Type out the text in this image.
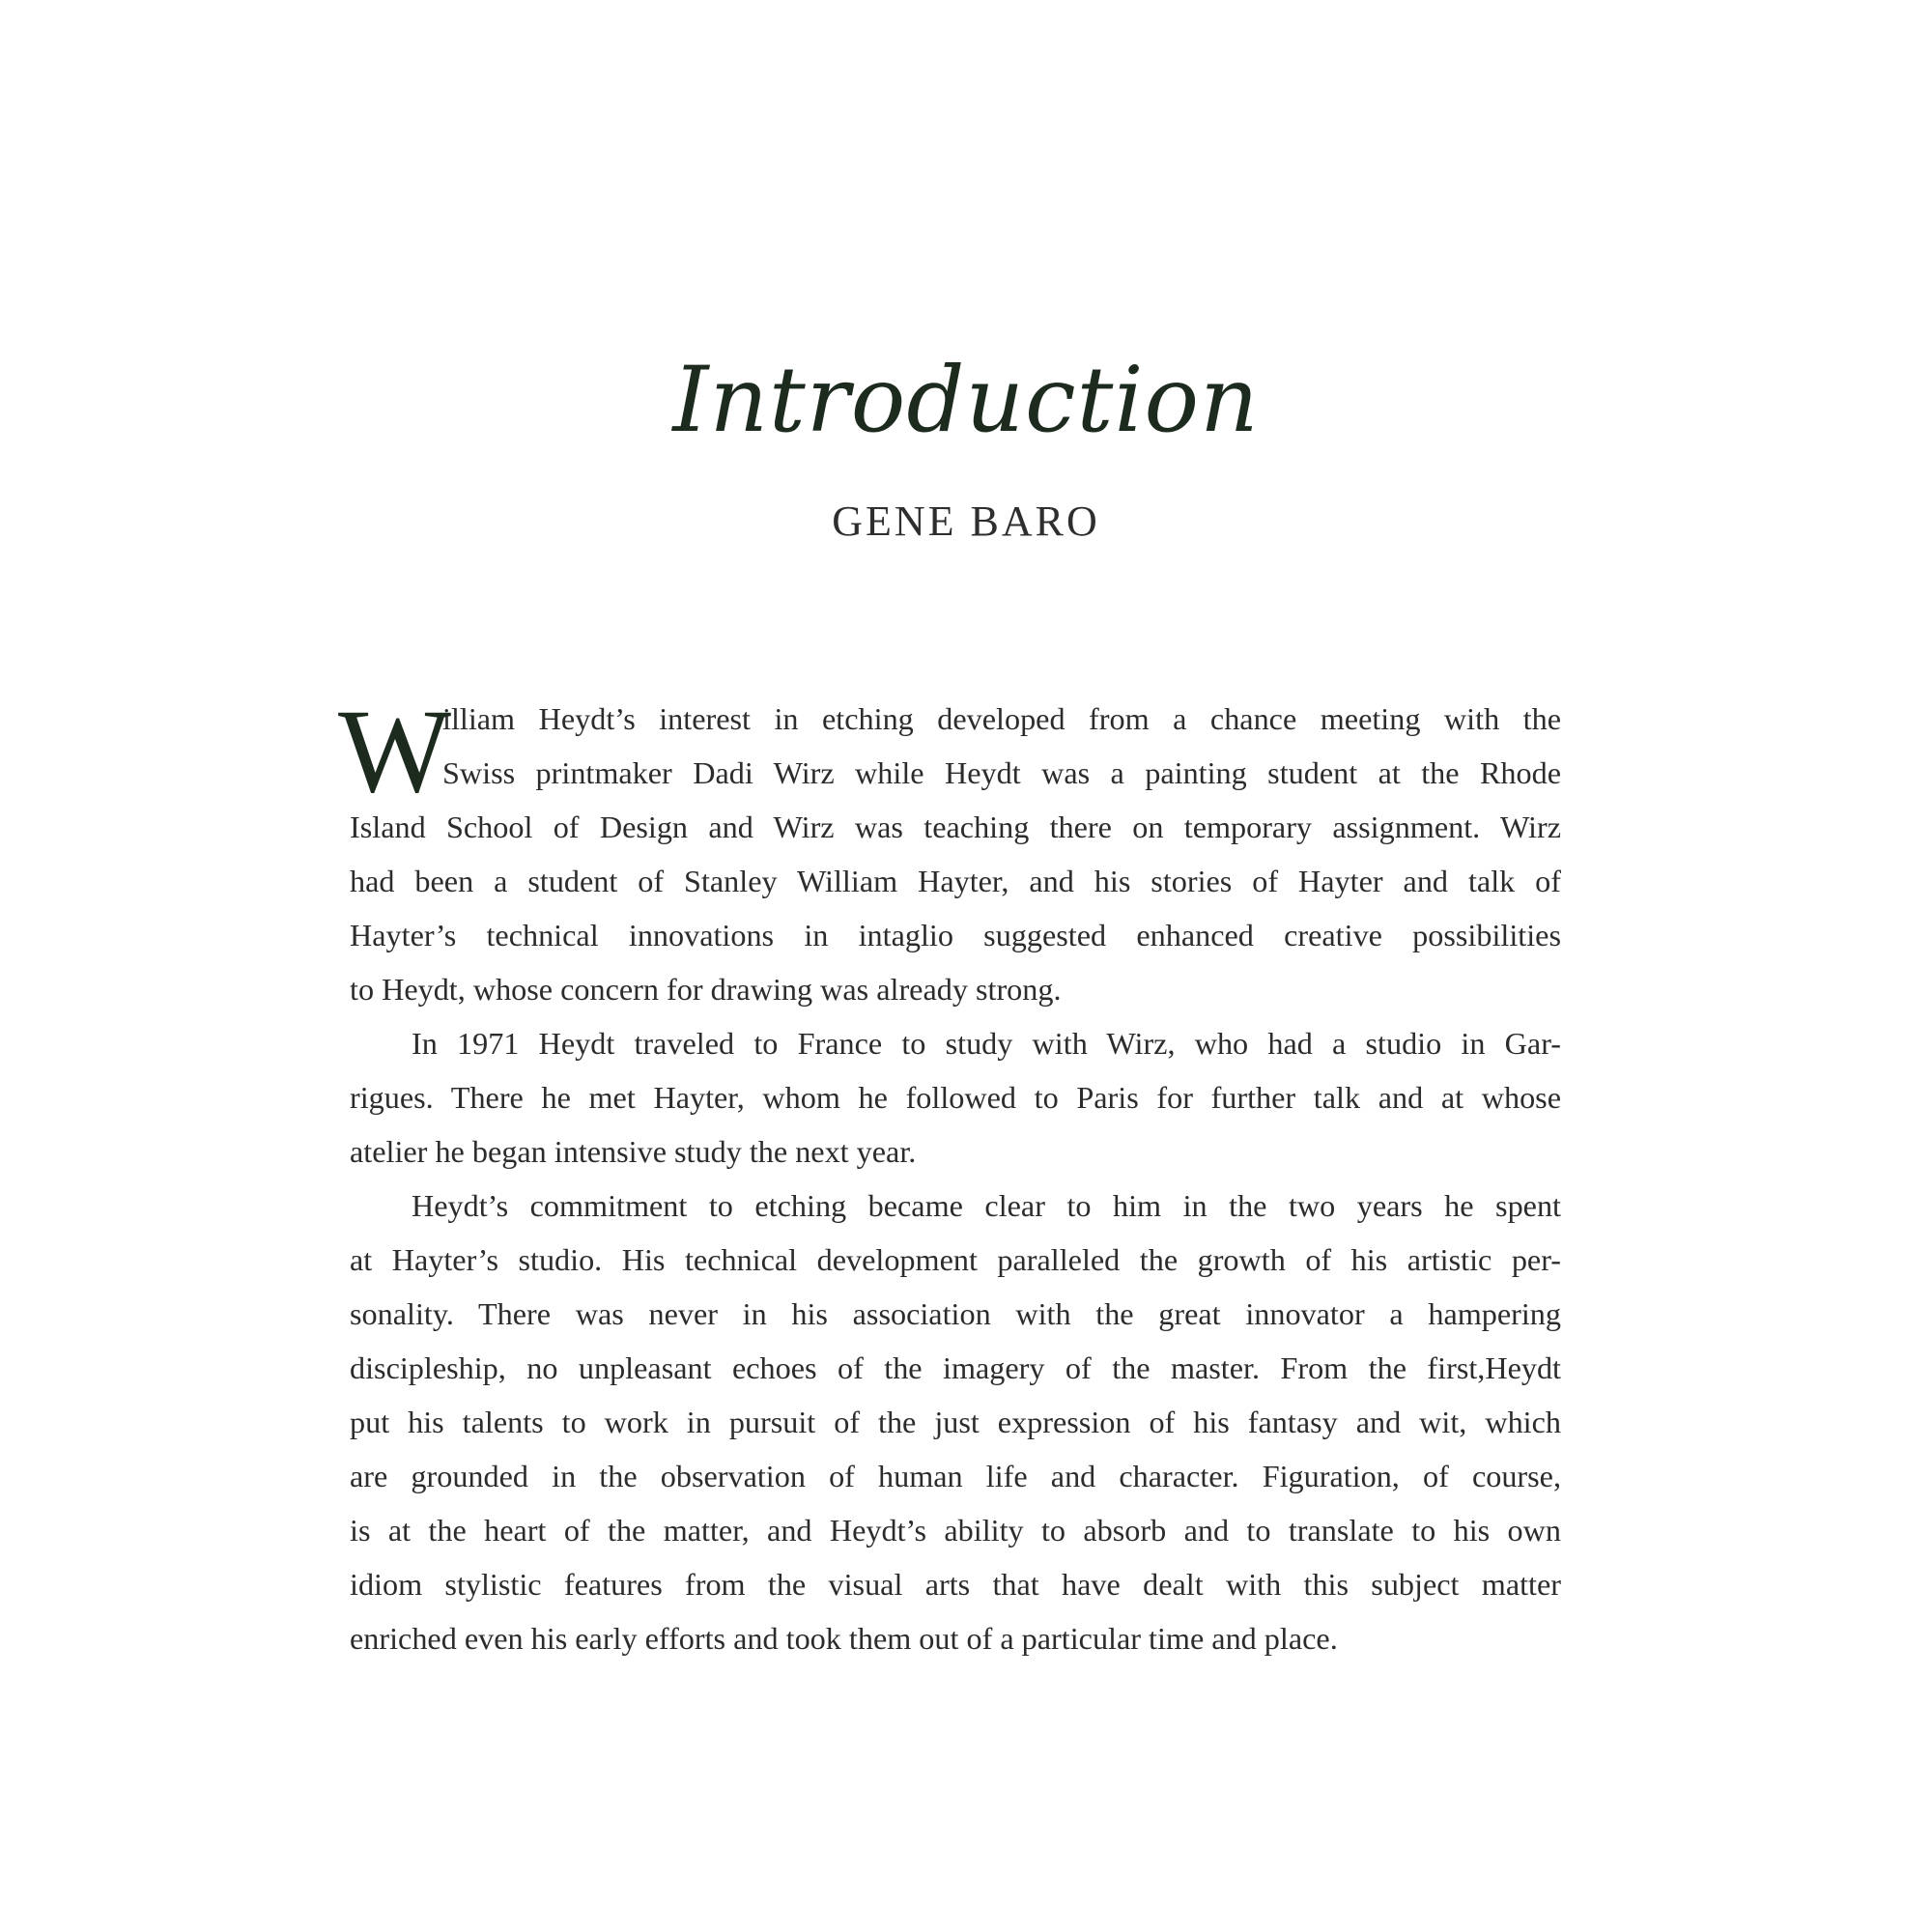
Introduction
GENE BARO
W
illiam Heydt’s interest in etching developed from a chance meeting with the
Swiss printmaker Dadi Wirz while Heydt was a painting student at the Rhode
Island School of Design and Wirz was teaching there on temporary assignment. Wirz
had been a student of Stanley William Hayter, and his stories of Hayter and talk of
Hayter’s technical innovations in intaglio suggested enhanced creative possibilities
to Heydt, whose concern for drawing was already strong.
In 1971 Heydt traveled to France to study with Wirz, who had a studio in Gar-
rigues. There he met Hayter, whom he followed to Paris for further talk and at whose
atelier he began intensive study the next year.
Heydt’s commitment to etching became clear to him in the two years he spent
at Hayter’s studio. His technical development paralleled the growth of his artistic per-
sonality. There was never in his association with the great innovator a hampering
discipleship, no unpleasant echoes of the imagery of the master. From the first,Heydt
put his talents to work in pursuit of the just expression of his fantasy and wit, which
are grounded in the observation of human life and character. Figuration, of course,
is at the heart of the matter, and Heydt’s ability to absorb and to translate to his own
idiom stylistic features from the visual arts that have dealt with this subject matter
enriched even his early efforts and took them out of a particular time and place.
